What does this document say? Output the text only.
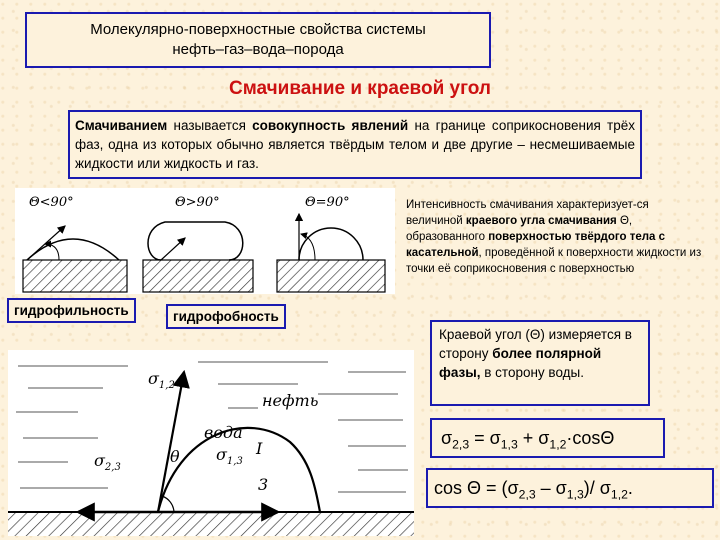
Молекулярно-поверхностные свойства системы
нефть–газ–вода–порода
Смачивание и краевой угол
Смачиванием называется совокупность явлений на границе соприкосновения трёх фаз, одна из которых обычно является твёрдым телом и две другие – несмешиваемые жидкости или жидкость и газ.
Θ<90°	Θ>90°	Θ=90°	Интенсивность смачивания характеризует-ся величиной краевого угла смачивания Θ, образованного поверхностью твёрдого тела с касательной, проведённой к поверхности жидкости из точки её соприкосновения с поверхностью
гидрофильность	гидрофобность
$\sigma_{1,2}$
$\sigma_{2,3}$
$\sigma_{1,3}$
нефть
вода
θ	I
3
Краевой угол (Θ) измеряется в сторону более полярной фазы, в сторону воды.
$\sigma_{2,3} = \sigma_{1,3} + \sigma_{1,2}\cdot\cos\Theta$
$\cos \Theta = (\sigma_{2,3} - \sigma_{1,3})/$ $\sigma_{1,2}$.
